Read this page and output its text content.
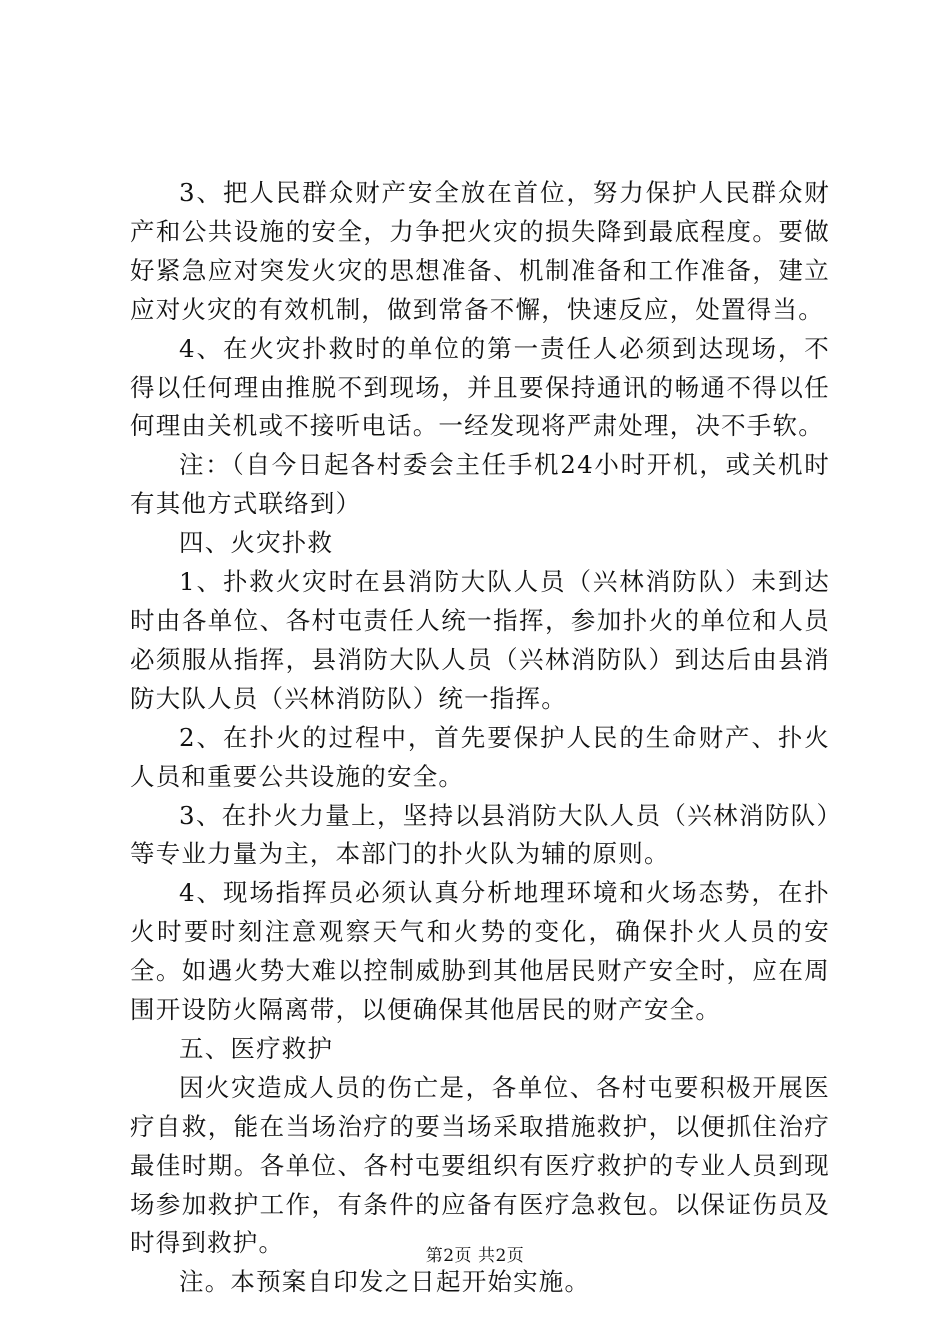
3、把人民群众财产安全放在首位，努力保护人民群众财产和公共设施的安全，力争把火灾的损失降到最底程度。要做好紧急应对突发火灾的思想准备、机制准备和工作准备，建立应对火灾的有效机制，做到常备不懈，快速反应，处置得当。

4、在火灾扑救时的单位的第一责任人必须到达现场，不得以任何理由推脱不到现场，并且要保持通讯的畅通不得以任何理由关机或不接听电话。一经发现将严肃处理，决不手软。

注：（自今日起各村委会主任手机24小时开机，或关机时有其他方式联络到）

四、火灾扑救

1、扑救火灾时在县消防大队人员（兴林消防队）未到达时由各单位、各村屯责任人统一指挥，参加扑火的单位和人员必须服从指挥，县消防大队人员（兴林消防队）到达后由县消防大队人员（兴林消防队）统一指挥。

2、在扑火的过程中，首先要保护人民的生命财产、扑火人员和重要公共设施的安全。

3、在扑火力量上，坚持以县消防大队人员（兴林消防队）等专业力量为主，本部门的扑火队为辅的原则。

4、现场指挥员必须认真分析地理环境和火场态势，在扑火时要时刻注意观察天气和火势的变化，确保扑火人员的安全。如遇火势大难以控制威胁到其他居民财产安全时，应在周围开设防火隔离带，以便确保其他居民的财产安全。

五、医疗救护

因火灾造成人员的伤亡是，各单位、各村屯要积极开展医疗自救，能在当场治疗的要当场采取措施救护，以便抓住治疗最佳时期。各单位、各村屯要组织有医疗救护的专业人员到现场参加救护工作，有条件的应备有医疗急救包。以保证伤员及时得到救护。

注。本预案自印发之日起开始实施。

第2页 共2页
